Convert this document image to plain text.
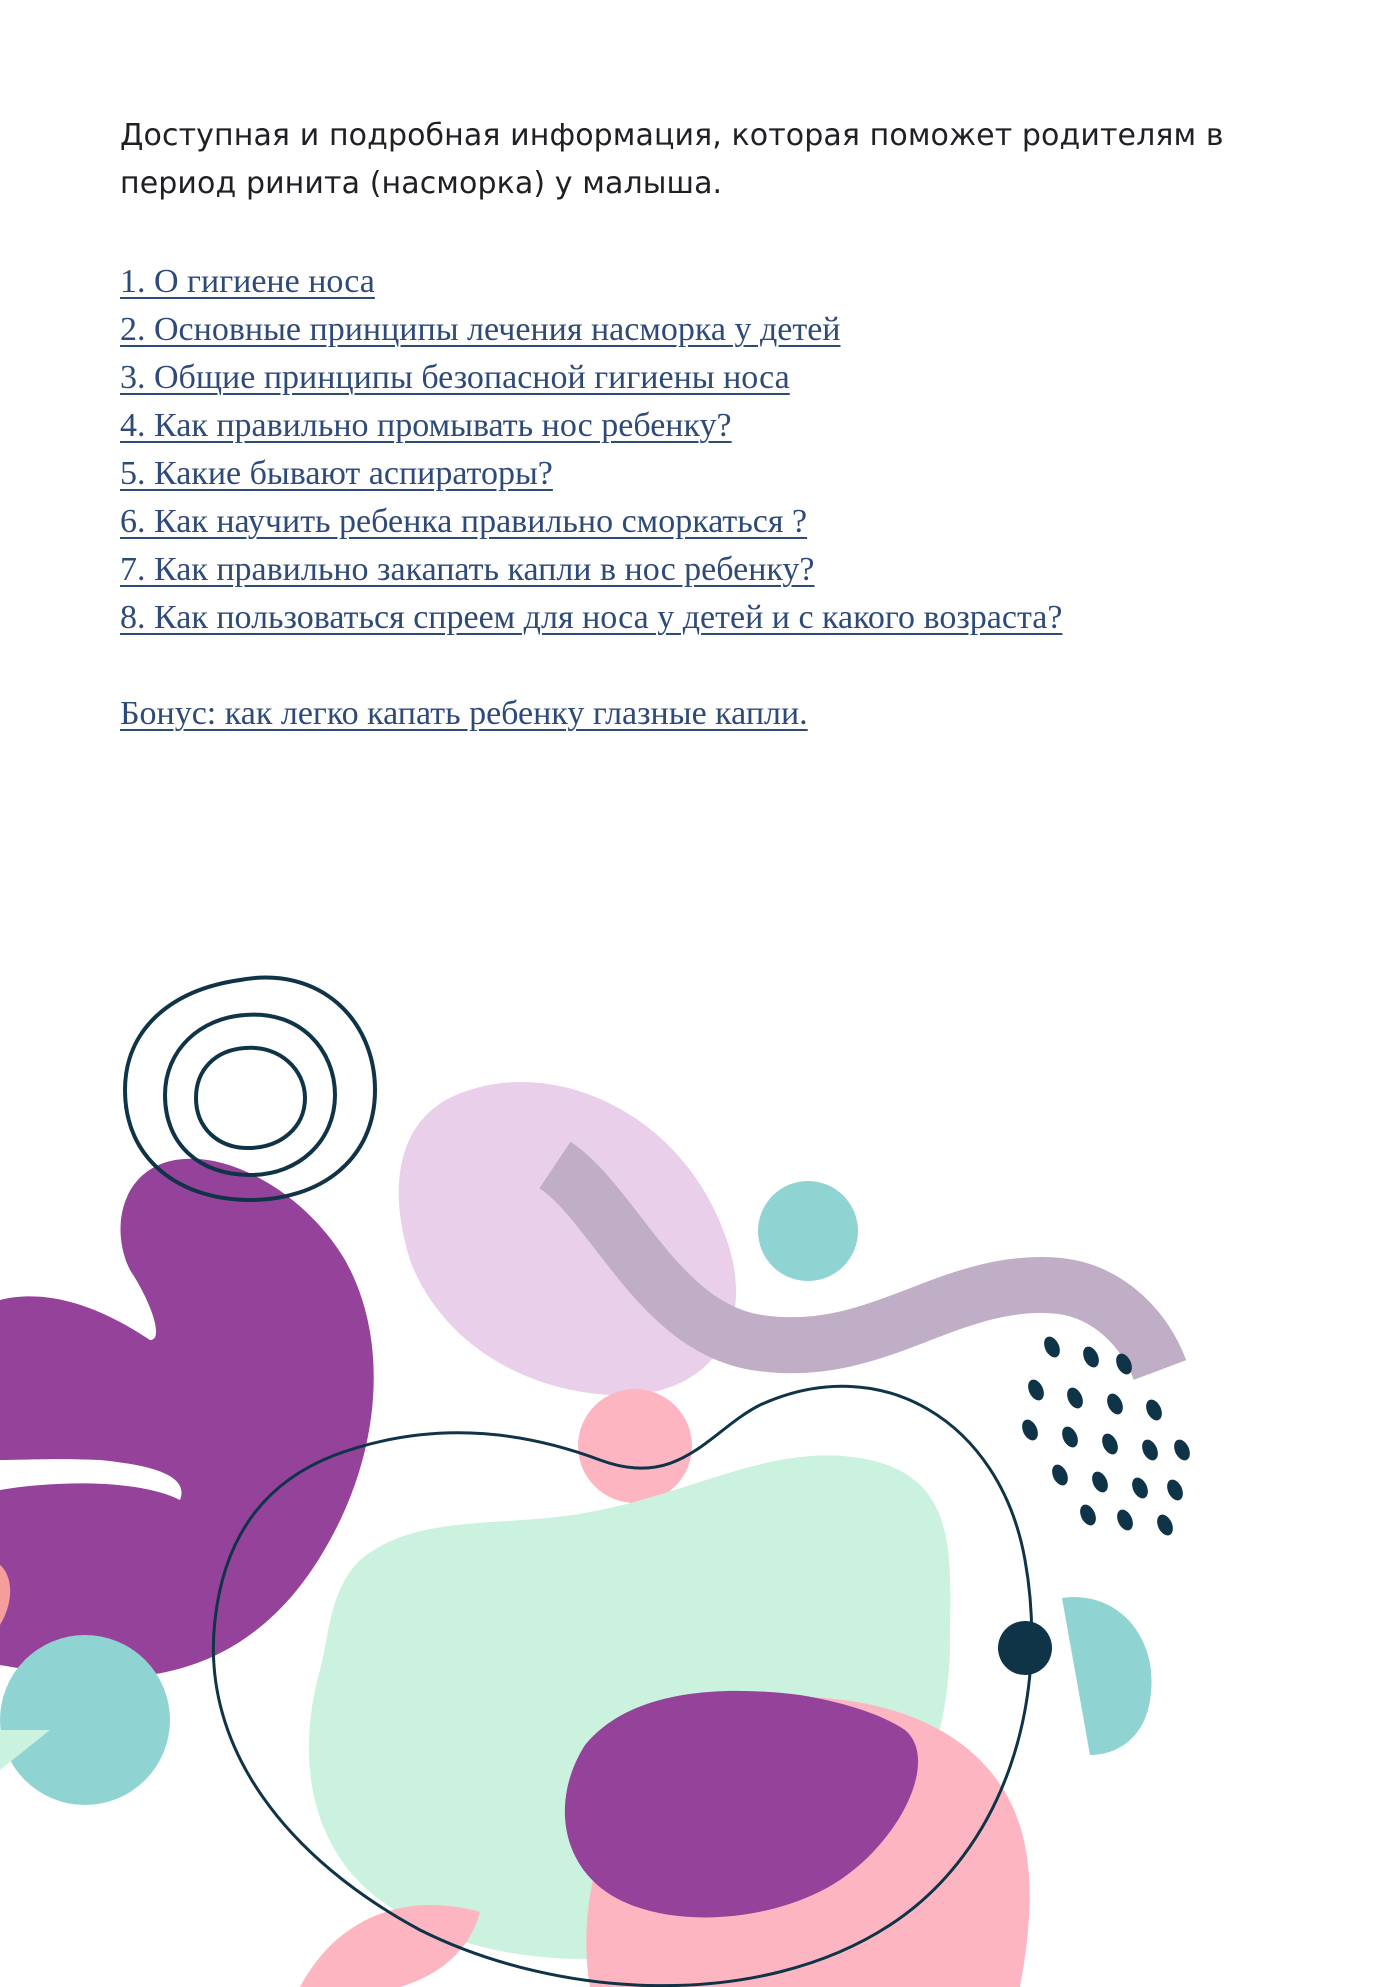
Доступная и подробная информация, которая поможет родителям в период ринита (насморка) у малыша.

1. О гигиене носа
2. Основные принципы лечения насморка у детей
3. Общие принципы безопасной гигиены носа
4. Как правильно промывать нос ребенку?
5. Какие бывают аспираторы?
6. Как научить ребенка правильно сморкаться ?
7. Как правильно закапать капли в нос ребенку?
8. Как пользоваться спреем для носа у детей и с какого возраста?

Бонус: как легко капать ребенку глазные капли.
